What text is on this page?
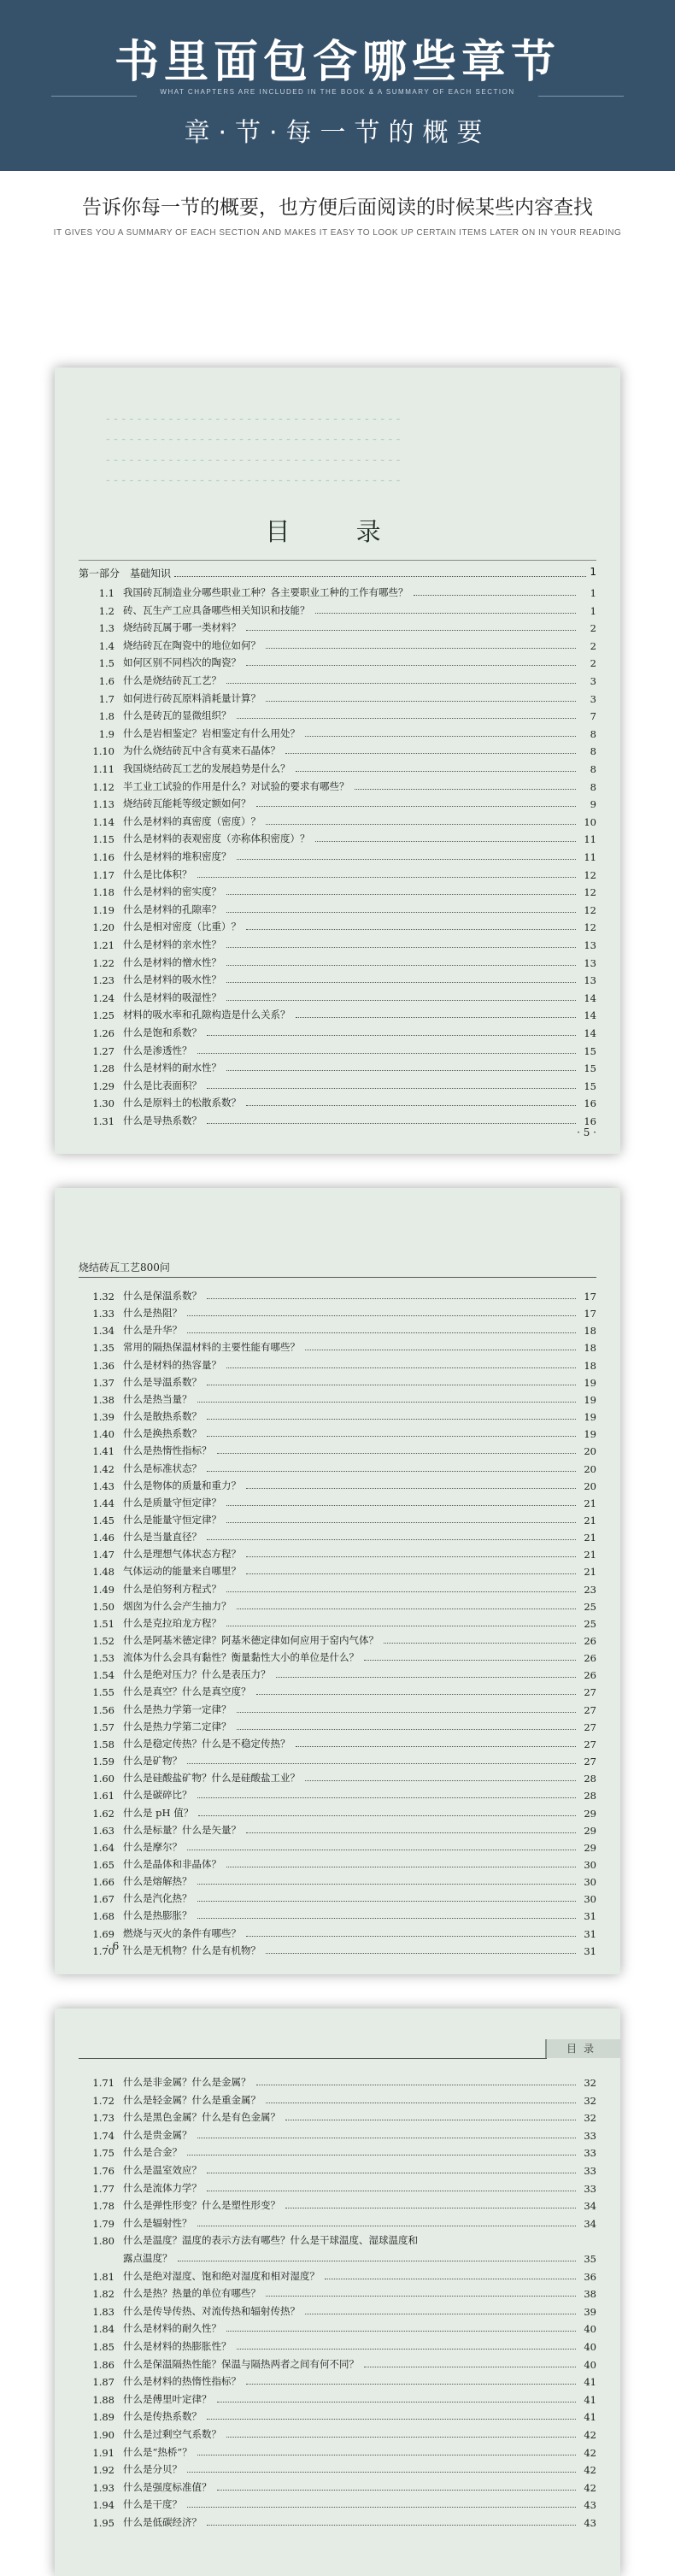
书里面包含哪些章节
WHAT CHAPTERS ARE INCLUDED IN THE BOOK & A SUMMARY OF EACH SECTION
章·节·每一节的概要
告诉你每一节的概要，也方便后面阅读的时候某些内容查找
IT GIVES YOU A SUMMARY OF EACH SECTION AND MAKES IT EASY TO LOOK UP CERTAIN ITEMS LATER ON IN YOUR READING
- - - - - - - - - - - - - - - - - - - - - - - - - - - - - - - - - - - - - -
- - - - - - - - - - - - - - - - - - - - - - - - - - - - - - - - - - - - - -
- - - - - - - - - - - - - - - - - - - - - - - - - - - - - - - - - - - - - -
- - - - - - - - - - - - - - - - - - - - - - - - - - - - - - - - - - - - - -
目 录
第一部分　基础知识	1
1.1 我国砖瓦制造业分哪些职业工种？各主要职业工种的工作有哪些？	1
1.2 砖、瓦生产工应具备哪些相关知识和技能？	1
1.3 烧结砖瓦属于哪一类材料？	2
1.4 烧结砖瓦在陶瓷中的地位如何？	2
1.5 如何区别不同档次的陶瓷？	2
1.6 什么是烧结砖瓦工艺？	3
1.7 如何进行砖瓦原料消耗量计算？	3
1.8 什么是砖瓦的显微组织？	7
1.9 什么是岩相鉴定？岩相鉴定有什么用处？	8
1.10 为什么烧结砖瓦中含有莫来石晶体？	8
1.11 我国烧结砖瓦工艺的发展趋势是什么？	8
1.12 半工业工试验的作用是什么？对试验的要求有哪些？	8
1.13 烧结砖瓦能耗等级定额如何？	9
1.14 什么是材料的真密度（密度）？	10
1.15 什么是材料的表观密度（亦称体积密度）？	11
1.16 什么是材料的堆积密度？	11
1.17 什么是比体积？	12
1.18 什么是材料的密实度？	12
1.19 什么是材料的孔隙率？	12
1.20 什么是相对密度（比重）？	12
1.21 什么是材料的亲水性？	13
1.22 什么是材料的憎水性？	13
1.23 什么是材料的吸水性？	13
1.24 什么是材料的吸湿性？	14
1.25 材料的吸水率和孔隙构造是什么关系？	14
1.26 什么是饱和系数？	14
1.27 什么是渗透性？	15
1.28 什么是材料的耐水性？	15
1.29 什么是比表面积？	15
1.30 什么是原料土的松散系数？	16
1.31 什么是导热系数？	16
· 5 ·
烧结砖瓦工艺800问
1.32 什么是保温系数？	17
1.33 什么是热阻？	17
1.34 什么是升华？	18
1.35 常用的隔热保温材料的主要性能有哪些？	18
1.36 什么是材料的热容量？	18
1.37 什么是导温系数？	19
1.38 什么是热当量？	19
1.39 什么是散热系数？	19
1.40 什么是换热系数？	19
1.41 什么是热惰性指标？	20
1.42 什么是标准状态？	20
1.43 什么是物体的质量和重力？	20
1.44 什么是质量守恒定律？	21
1.45 什么是能量守恒定律？	21
1.46 什么是当量直径？	21
1.47 什么是理想气体状态方程？	21
1.48 气体运动的能量来自哪里？	21
1.49 什么是伯努利方程式？	23
1.50 烟囱为什么会产生抽力？	25
1.51 什么是克拉珀龙方程？	25
1.52 什么是阿基米德定律？阿基米德定律如何应用于窑内气体？	26
1.53 流体为什么会具有黏性？衡量黏性大小的单位是什么？	26
1.54 什么是绝对压力？什么是表压力？	26
1.55 什么是真空？什么是真空度？	27
1.56 什么是热力学第一定律？	27
1.57 什么是热力学第二定律？	27
1.58 什么是稳定传热？什么是不稳定传热？	27
1.59 什么是矿物？	27
1.60 什么是硅酸盐矿物？什么是硅酸盐工业？	28
1.61 什么是碳碎比？	28
1.62 什么是 pH 值？	29
1.63 什么是标量？什么是矢量？	29
1.64 什么是摩尔？	29
1.65 什么是晶体和非晶体？	30
1.66 什么是熔解热？	30
1.67 什么是汽化热？	30
1.68 什么是热膨胀？	31
1.69 燃烧与灭火的条件有哪些？	31
1.70 什么是无机物？什么是有机物？	31
· 6 ·
目录
1.71 什么是非金属？什么是金属？	32
1.72 什么是轻金属？什么是重金属？	32
1.73 什么是黑色金属？什么是有色金属？	32
1.74 什么是贵金属？	33
1.75 什么是合金？	33
1.76 什么是温室效应？	33
1.77 什么是流体力学？	33
1.78 什么是弹性形变？什么是塑性形变？	34
1.79 什么是辐射性？	34
1.80 什么是温度？温度的表示方法有哪些？什么是干球温度、湿球温度和
露点温度？	35
1.81 什么是绝对湿度、饱和绝对湿度和相对湿度？	36
1.82 什么是热？热量的单位有哪些？	38
1.83 什么是传导传热、对流传热和辐射传热？	39
1.84 什么是材料的耐久性？	40
1.85 什么是材料的热膨胀性？	40
1.86 什么是保温隔热性能？保温与隔热两者之间有何不同？	40
1.87 什么是材料的热惰性指标？	41
1.88 什么是傅里叶定律？	41
1.89 什么是传热系数？	41
1.90 什么是过剩空气系数？	42
1.91 什么是“热桥”？	42
1.92 什么是分贝？	42
1.93 什么是强度标准值？	42
1.94 什么是干度？	43
1.95 什么是低碳经济？	43
